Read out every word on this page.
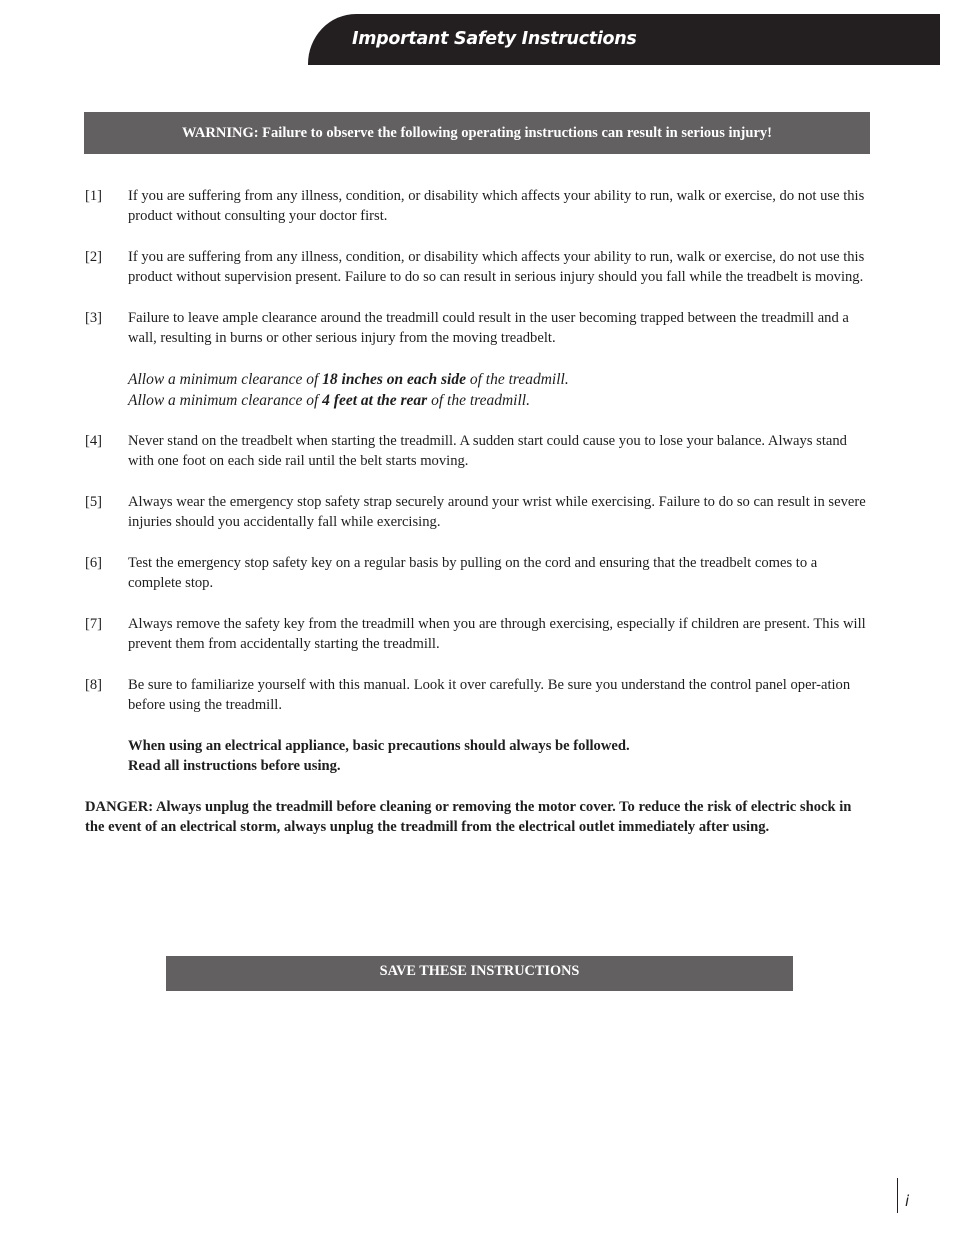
Important Safety Instructions
WARNING: Failure to observe the following operating instructions can result in serious injury!
[1] If you are suffering from any illness, condition, or disability which affects your ability to run, walk or exercise, do not use this product without consulting your doctor first.
[2] If you are suffering from any illness, condition, or disability which affects your ability to run, walk or exercise, do not use this product without supervision present. Failure to do so can result in serious injury should you fall while the treadbelt is moving.
[3] Failure to leave ample clearance around the treadmill could result in the user becoming trapped between the treadmill and a wall, resulting in burns or other serious injury from the moving treadbelt.
Allow a minimum clearance of 18 inches on each side of the treadmill.
Allow a minimum clearance of 4 feet at the rear of the treadmill.
[4] Never stand on the treadbelt when starting the treadmill. A sudden start could cause you to lose your balance. Always stand with one foot on each side rail until the belt starts moving.
[5] Always wear the emergency stop safety strap securely around your wrist while exercising. Failure to do so can result in severe injuries should you accidentally fall while exercising.
[6] Test the emergency stop safety key on a regular basis by pulling on the cord and ensuring that the treadbelt comes to a complete stop.
[7] Always remove the safety key from the treadmill when you are through exercising, especially if children are present. This will prevent them from accidentally starting the treadmill.
[8] Be sure to familiarize yourself with this manual. Look it over carefully. Be sure you understand the control panel oper-ation before using the treadmill.
When using an electrical appliance, basic precautions should always be followed.
Read all instructions before using.
DANGER: Always unplug the treadmill before cleaning or removing the motor cover. To reduce the risk of electric shock in the event of an electrical storm, always unplug the treadmill from the electrical outlet immediately after using.
SAVE THESE INSTRUCTIONS
i
